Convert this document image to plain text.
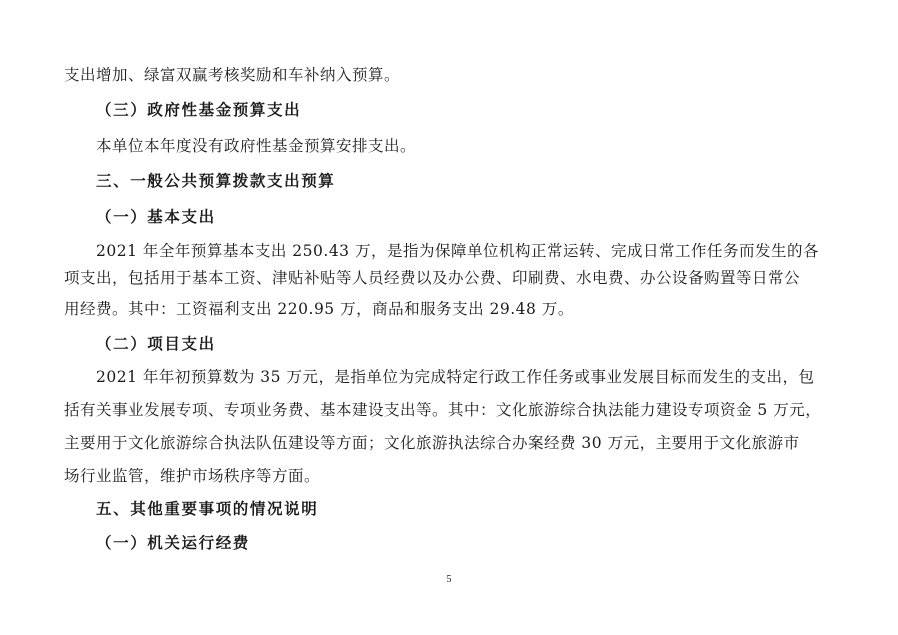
支出增加、绿富双赢考核奖励和车补纳入预算。
（三）政府性基金预算支出
本单位本年度没有政府性基金预算安排支出。
三、一般公共预算拨款支出预算
（一）基本支出
2021 年全年预算基本支出 250.43 万，是指为保障单位机构正常运转、完成日常工作任务而发生的各
项支出，包括用于基本工资、津贴补贴等人员经费以及办公费、印刷费、水电费、办公设备购置等日常公
用经费。其中：工资福利支出 220.95 万，商品和服务支出 29.48 万。
（二）项目支出
2021 年年初预算数为 35 万元，是指单位为完成特定行政工作任务或事业发展目标而发生的支出，包
括有关事业发展专项、专项业务费、基本建设支出等。其中：文化旅游综合执法能力建设专项资金 5 万元，
主要用于文化旅游综合执法队伍建设等方面；文化旅游执法综合办案经费 30 万元，主要用于文化旅游市
场行业监管，维护市场秩序等方面。
五、其他重要事项的情况说明
（一）机关运行经费
5
